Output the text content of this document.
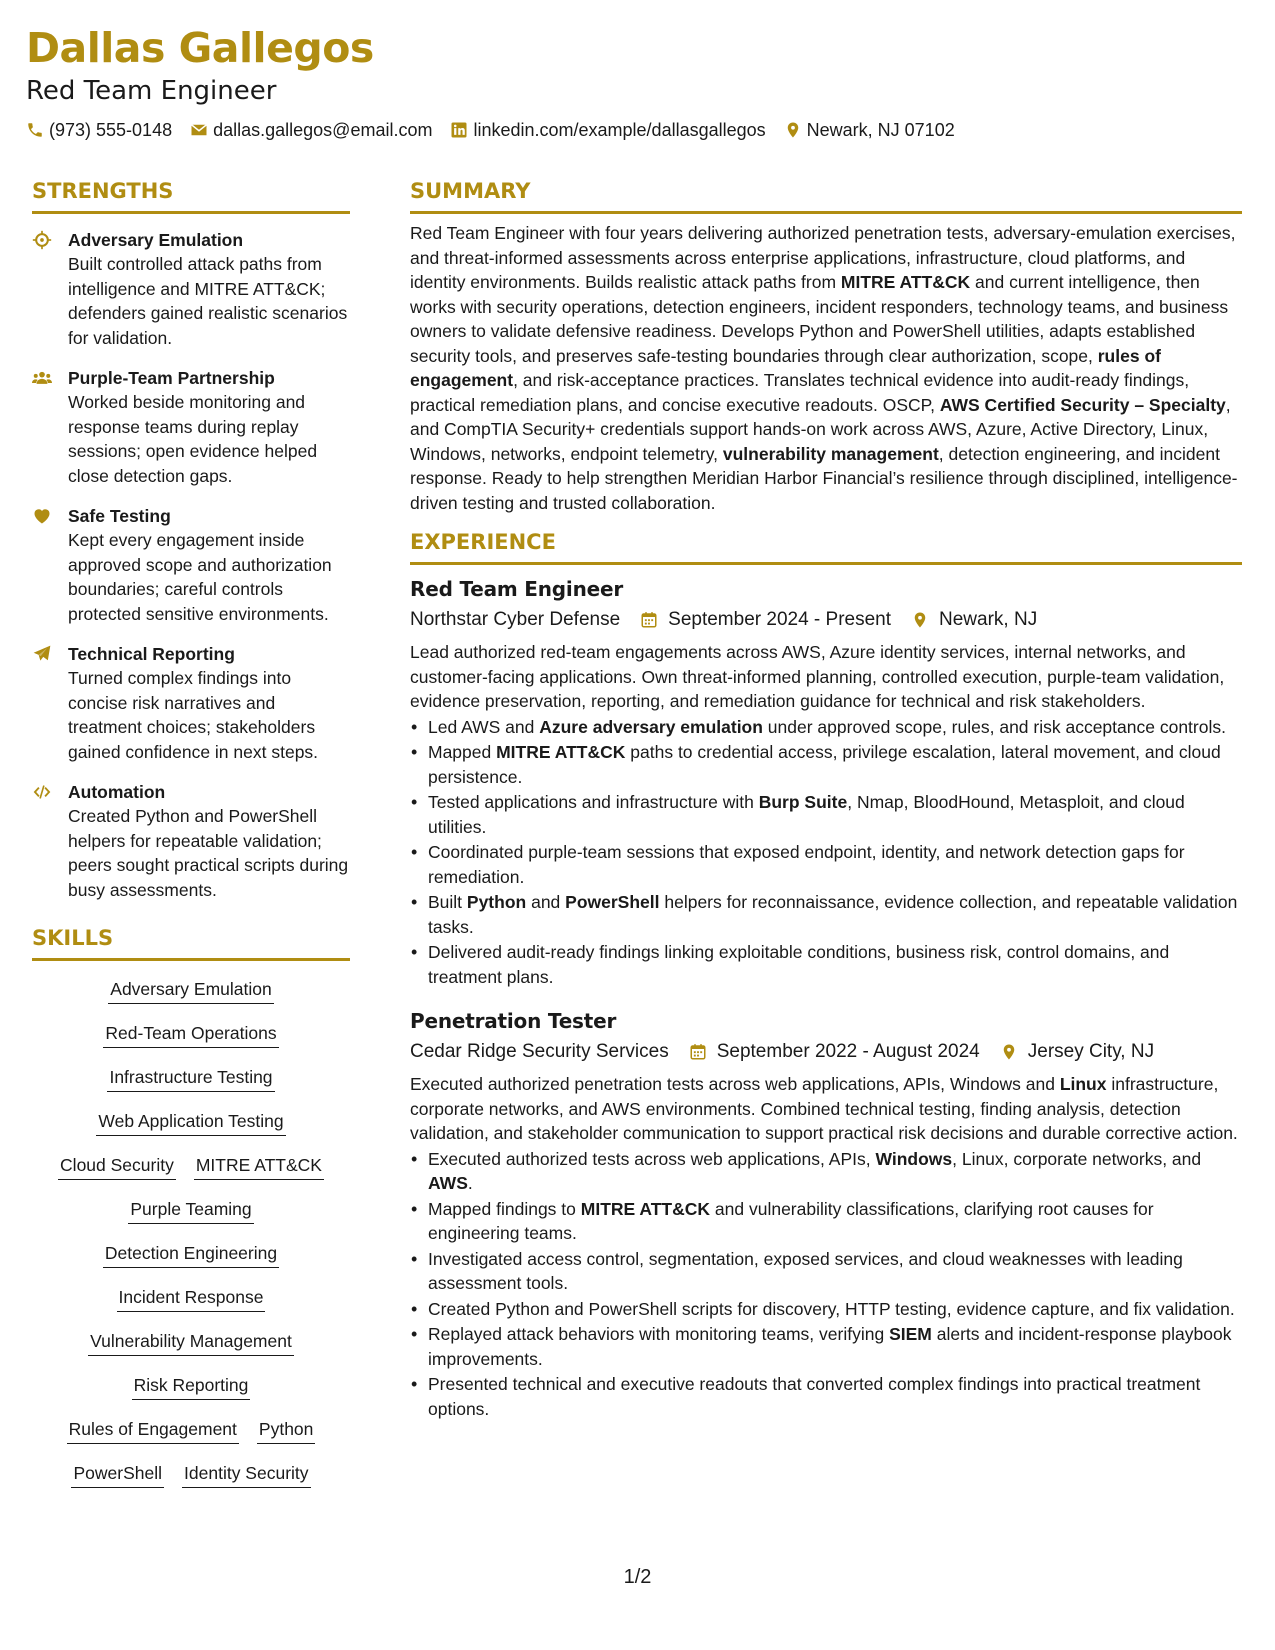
Dallas Gallegos
Red Team Engineer
(973) 555-0148 dallas.gallegos@email.com linkedin.com/example/dallasgallegos Newark, NJ 07102
STRENGTHS
Adversary Emulation
Built controlled attack paths from intelligence and MITRE ATT&CK; defenders gained realistic scenarios for validation.
Purple-Team Partnership
Worked beside monitoring and response teams during replay sessions; open evidence helped close detection gaps.
Safe Testing
Kept every engagement inside approved scope and authorization boundaries; careful controls protected sensitive environments.
Technical Reporting
Turned complex findings into concise risk narratives and treatment choices; stakeholders gained confidence in next steps.
Automation
Created Python and PowerShell helpers for repeatable validation; peers sought practical scripts during busy assessments.
SKILLS
Adversary Emulation
Red-Team Operations
Infrastructure Testing
Web Application Testing
Cloud Security MITRE ATT&CK
Purple Teaming
Detection Engineering
Incident Response
Vulnerability Management
Risk Reporting
Rules of Engagement Python
PowerShell Identity Security
SUMMARY
Red Team Engineer with four years delivering authorized penetration tests, adversary-emulation exercises, and threat-informed assessments across enterprise applications, infrastructure, cloud platforms, and identity environments. Builds realistic attack paths from MITRE ATT&CK and current intelligence, then works with security operations, detection engineers, incident responders, technology teams, and business owners to validate defensive readiness. Develops Python and PowerShell utilities, adapts established security tools, and preserves safe-testing boundaries through clear authorization, scope, rules of engagement, and risk-acceptance practices. Translates technical evidence into audit-ready findings, practical remediation plans, and concise executive readouts. OSCP, AWS Certified Security – Specialty, and CompTIA Security+ credentials support hands-on work across AWS, Azure, Active Directory, Linux, Windows, networks, endpoint telemetry, vulnerability management, detection engineering, and incident response. Ready to help strengthen Meridian Harbor Financial’s resilience through disciplined, intelligence-driven testing and trusted collaboration.
EXPERIENCE
Red Team Engineer
Northstar Cyber Defense	September 2024 - Present	Newark, NJ
Lead authorized red-team engagements across AWS, Azure identity services, internal networks, and customer-facing applications. Own threat-informed planning, controlled execution, purple-team validation, evidence preservation, reporting, and remediation guidance for technical and risk stakeholders.
• Led AWS and Azure adversary emulation under approved scope, rules, and risk acceptance controls.
• Mapped MITRE ATT&CK paths to credential access, privilege escalation, lateral movement, and cloud persistence.
• Tested applications and infrastructure with Burp Suite, Nmap, BloodHound, Metasploit, and cloud utilities.
• Coordinated purple-team sessions that exposed endpoint, identity, and network detection gaps for remediation.
• Built Python and PowerShell helpers for reconnaissance, evidence collection, and repeatable validation tasks.
• Delivered audit-ready findings linking exploitable conditions, business risk, control domains, and treatment plans.
Penetration Tester
Cedar Ridge Security Services	September 2022 - August 2024	Jersey City, NJ
Executed authorized penetration tests across web applications, APIs, Windows and Linux infrastructure, corporate networks, and AWS environments. Combined technical testing, finding analysis, detection validation, and stakeholder communication to support practical risk decisions and durable corrective action.
• Executed authorized tests across web applications, APIs, Windows, Linux, corporate networks, and AWS.
• Mapped findings to MITRE ATT&CK and vulnerability classifications, clarifying root causes for engineering teams.
• Investigated access control, segmentation, exposed services, and cloud weaknesses with leading assessment tools.
• Created Python and PowerShell scripts for discovery, HTTP testing, evidence capture, and fix validation.
• Replayed attack behaviors with monitoring teams, verifying SIEM alerts and incident-response playbook improvements.
• Presented technical and executive readouts that converted complex findings into practical treatment options.
1/2
